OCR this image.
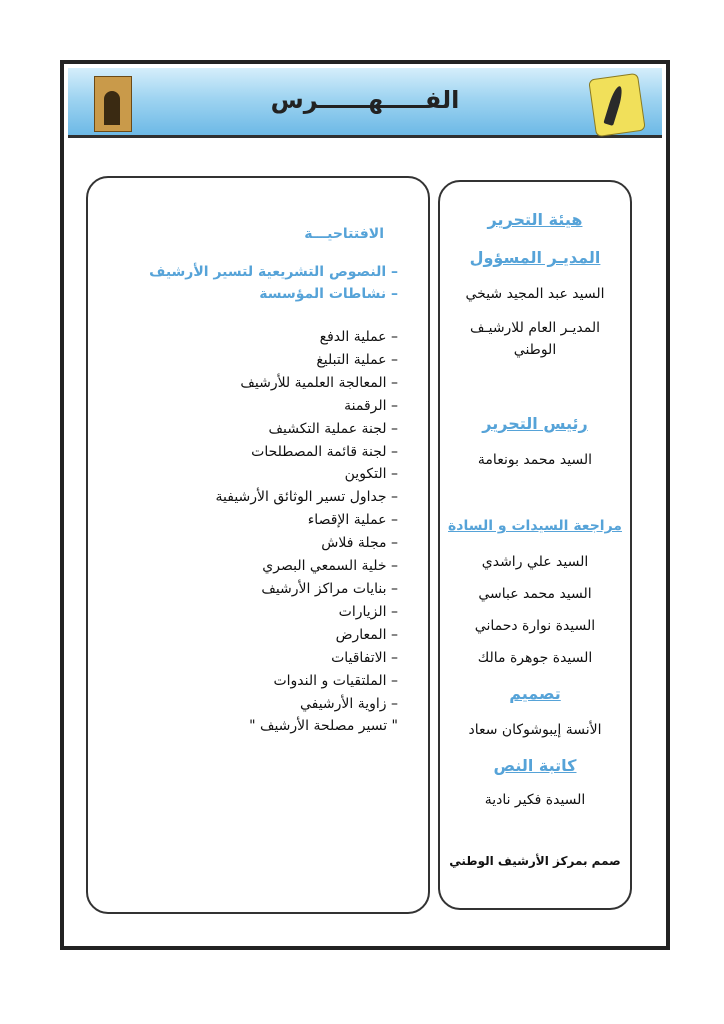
الفـــــهــــــرس
الافتتاحيـــة
– النصوص التشريعية لتسير الأرشيف
– نشاطات المؤسسة
– عملية الدفع
– عملية التبليغ
– المعالجة العلمية للأرشيف
– الرقمنة
– لجنة عملية التكشيف
– لجنة قائمة المصطلحات
– التكوين
– جداول تسير الوثائق الأرشيفية
– عملية الإقصاء
– مجلة فلاش
– خلية السمعي البصري
– بنايات مراكز الأرشيف
– الزيارات
– المعارض
– الاتفاقيات
– الملتقيات و الندوات
– زاوية الأرشيفي
" تسير مصلحة الأرشيف "
هيئة التحرير
المديـر المسؤول
السيد عبد المجيد شيخي
المديـر العام للارشيـف
الوطني
رئيس التحرير
السيد محمد بونعامة
مراجعة السيدات و السادة
السيد علي راشدي
السيد محمد عباسي
السيدة نوارة دحماني
السيدة جوهرة مالك
تصميم
الأنسة إيبوشوكان سعاد
كاتبة النص
السيدة فكير نادية
صمم بمركز الأرشيف الوطني
